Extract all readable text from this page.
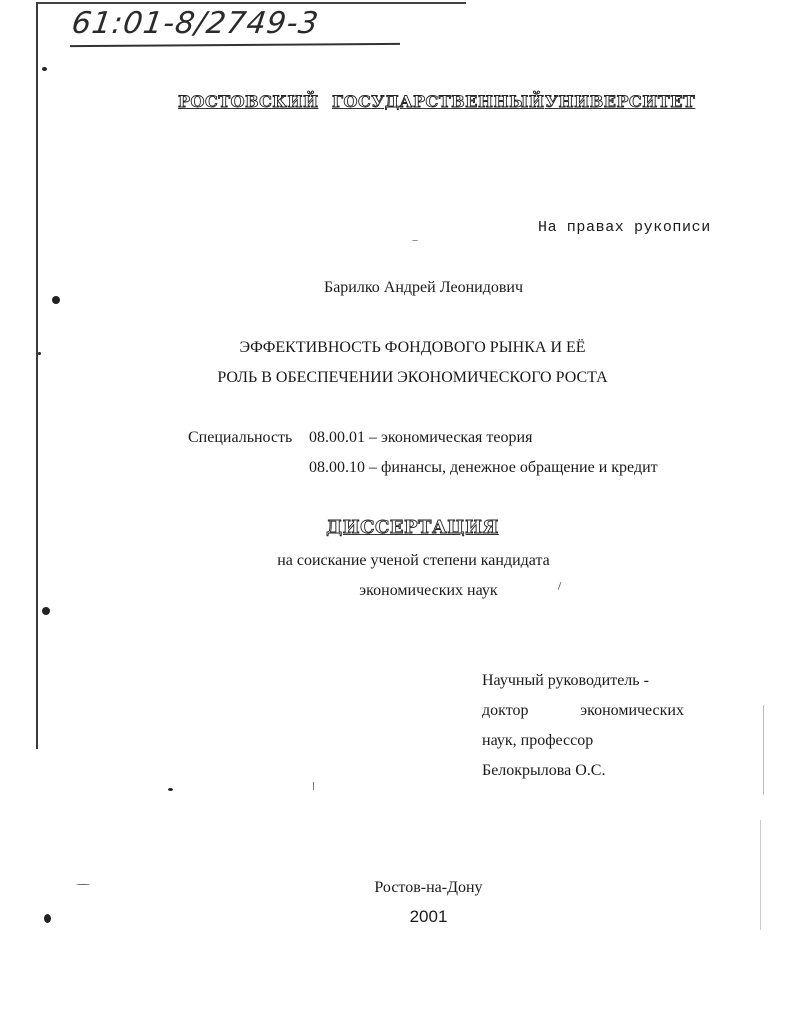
61:01-8/2749-3
РОСТОВСКИЙ ГОСУДАРСТВЕННЫЙ УНИВЕРСИТЕТ
На правах рукописи
Барилко Андрей Леонидович
ЭФФЕКТИВНОСТЬ ФОНДОВОГО РЫНКА И ЕЁ
РОЛЬ В ОБЕСПЕЧЕНИИ ЭКОНОМИЧЕСКОГО РОСТА
Специальность 08.00.01 – экономическая теория
08.00.10 – финансы, денежное обращение и кредит
ДИССЕРТАЦИЯ
на соискание ученой степени кандидата
экономических наук
Научный руководитель -
доктор	экономических
наук, профессор
Белокрылова О.С.
Ростов-на-Дону
2001
